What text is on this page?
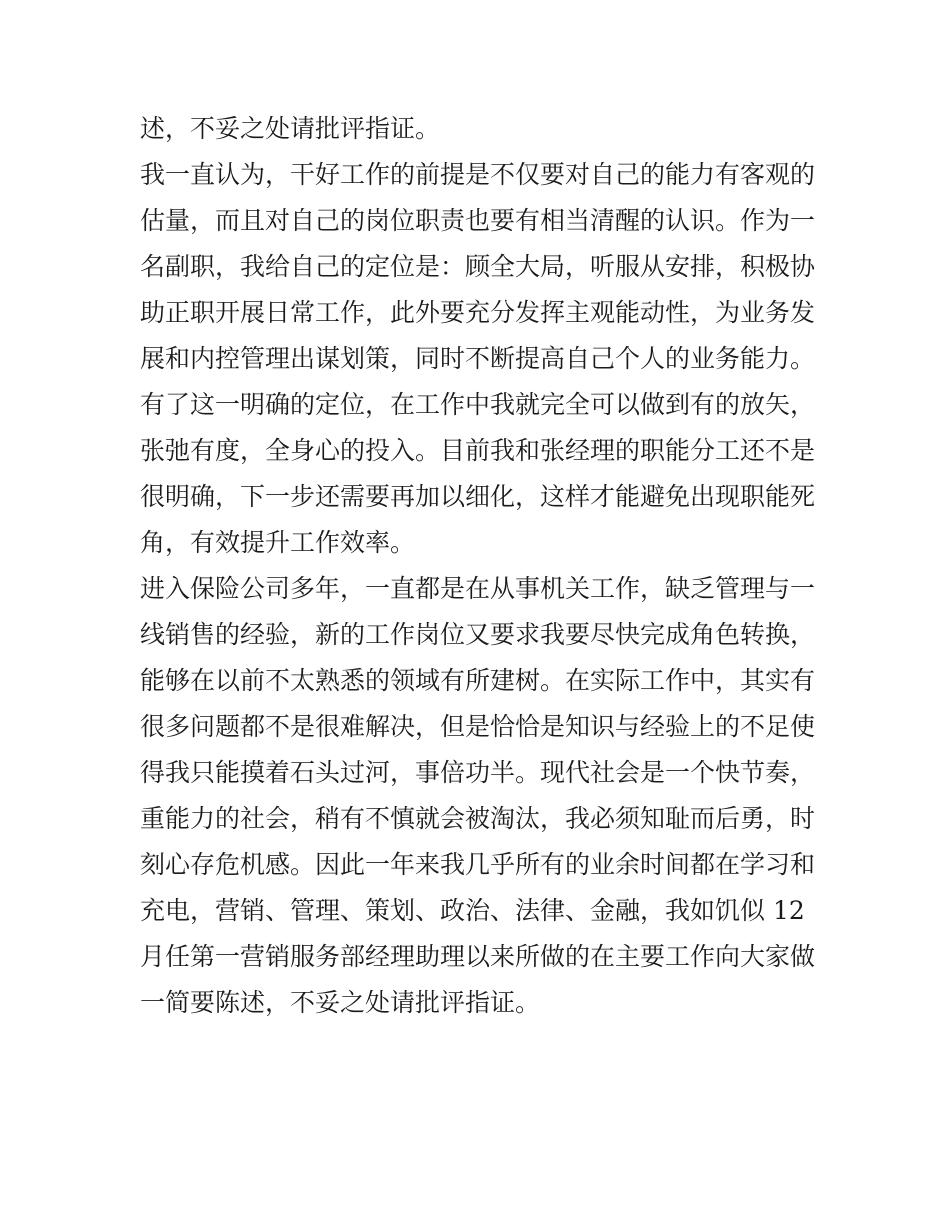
述，不妥之处请批评指证。
我一直认为，干好工作的前提是不仅要对自己的能力有客观的
估量，而且对自己的岗位职责也要有相当清醒的认识。作为一
名副职，我给自己的定位是：顾全大局，听服从安排，积极协
助正职开展日常工作，此外要充分发挥主观能动性，为业务发
展和内控管理出谋划策，同时不断提高自己个人的业务能力。
有了这一明确的定位，在工作中我就完全可以做到有的放矢，
张弛有度，全身心的投入。目前我和张经理的职能分工还不是
很明确，下一步还需要再加以细化，这样才能避免出现职能死
角，有效提升工作效率。
进入保险公司多年，一直都是在从事机关工作，缺乏管理与一
线销售的经验，新的工作岗位又要求我要尽快完成角色转换，
能够在以前不太熟悉的领域有所建树。在实际工作中，其实有
很多问题都不是很难解决，但是恰恰是知识与经验上的不足使
得我只能摸着石头过河，事倍功半。现代社会是一个快节奏，
重能力的社会，稍有不慎就会被淘汰，我必须知耻而后勇，时
刻心存危机感。因此一年来我几乎所有的业余时间都在学习和
充电，营销、管理、策划、政治、法律、金融，我如饥似 12
月任第一营销服务部经理助理以来所做的在主要工作向大家做
一简要陈述，不妥之处请批评指证。
